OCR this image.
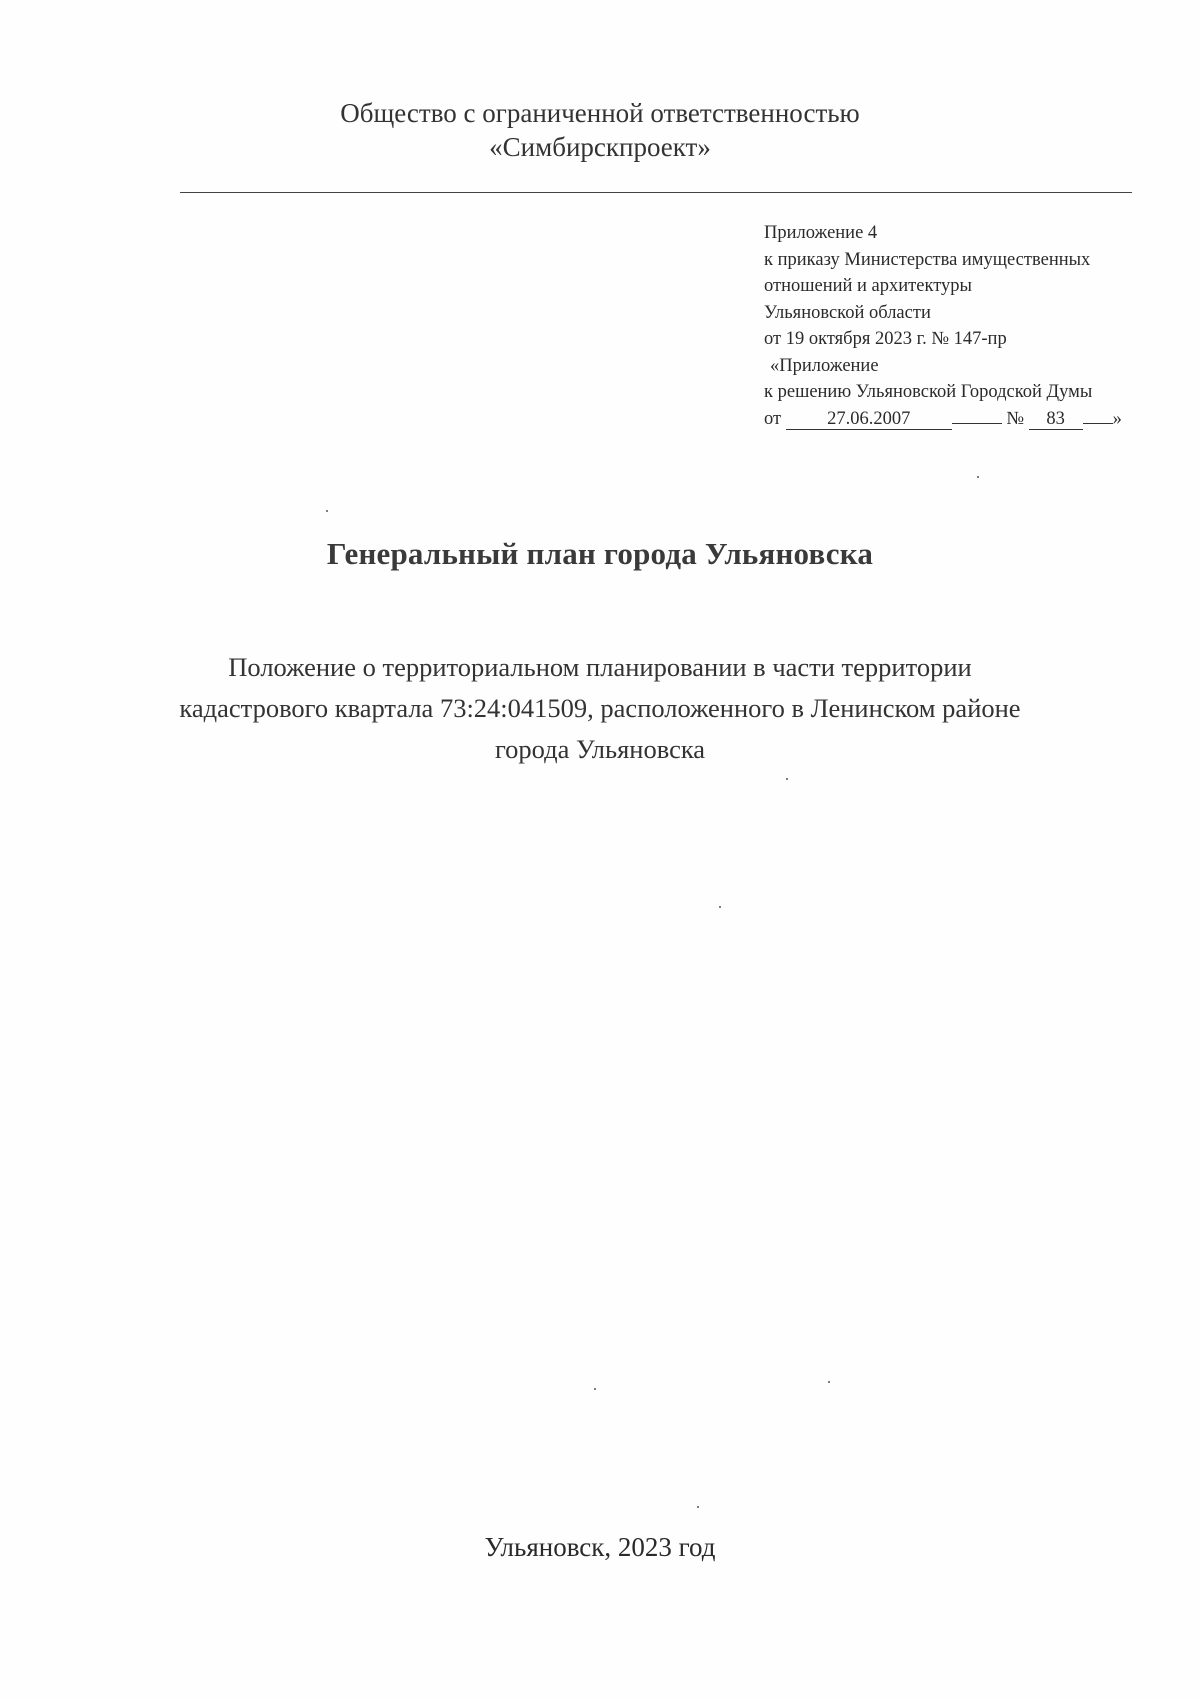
Общество с ограниченной ответственностью
«Симбирскпроект»
Приложение 4
к приказу Министерства имущественных
отношений и архитектуры
Ульяновской области
от 19 октября 2023 г. № 147-пр
«Приложение
к решению Ульяновской Городской Думы
от 27.06.2007	№ 83	»
Генеральный план города Ульяновска
Положение о территориальном планировании в части территории
кадастрового квартала 73:24:041509, расположенного в Ленинском районе
города Ульяновска
Ульяновск, 2023 год
